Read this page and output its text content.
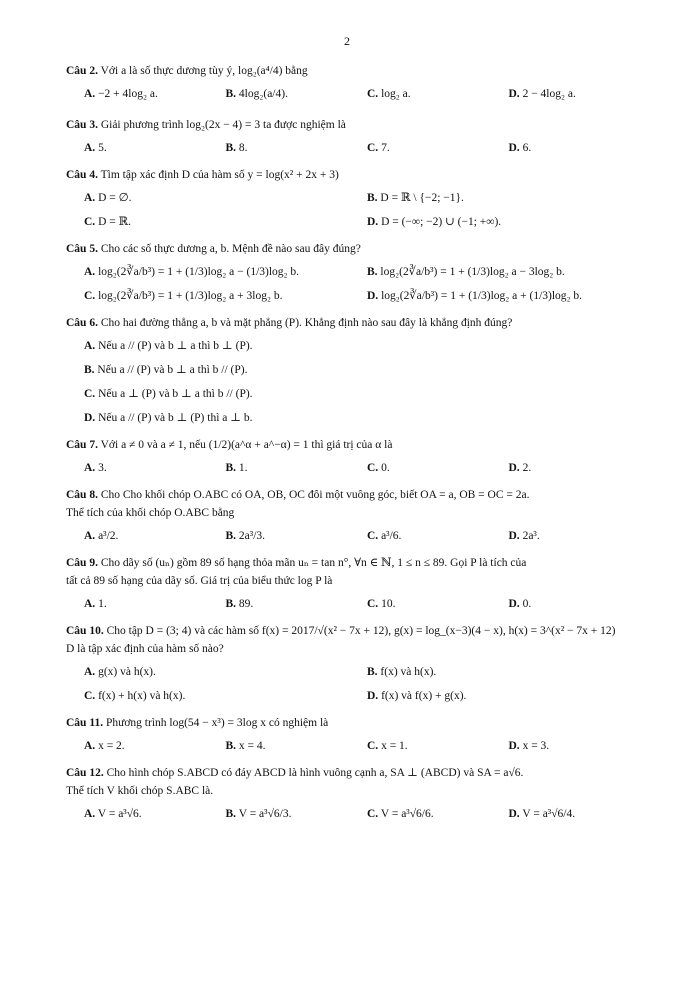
2
Câu 2. Với a là số thực dương tùy ý, log₂(a⁴/4) bằng
A. −2 + 4log₂ a.	B. 4log₂(a/4).	C. log₂ a.	D. 2 − 4log₂ a.
Câu 3. Giải phương trình log₂(2x − 4) = 3 ta được nghiệm là
A. 5.	B. 8.	C. 7.	D. 6.
Câu 4. Tìm tập xác định D của hàm số y = log(x² + 2x + 3)
A. D = ∅.	B. D = ℝ \ {−2; −1}.
C. D = ℝ.	D. D = (−∞; −2) ∪ (−1; +∞).
Câu 5. Cho các số thực dương a, b. Mệnh đề nào sau đây đúng?
A. log₂(2∛a/b³) = 1 + (1/3)log₂ a − (1/3)log₂ b.	B. log₂(2∛a/b³) = 1 + (1/3)log₂ a − 3log₂ b.
C. log₂(2∛a/b³) = 1 + (1/3)log₂ a + 3log₂ b.	D. log₂(2∛a/b³) = 1 + (1/3)log₂ a + (1/3)log₂ b.
Câu 6. Cho hai đường thẳng a, b và mặt phẳng (P). Khẳng định nào sau đây là khẳng định đúng?
A. Nếu a // (P) và b ⊥ a thì b ⊥ (P).
B. Nếu a // (P) và b ⊥ a thì b // (P).
C. Nếu a ⊥ (P) và b ⊥ a thì b // (P).
D. Nếu a // (P) và b ⊥ (P) thì a ⊥ b.
Câu 7. Với a ≠ 0 và a ≠ 1, nếu (1/2)(a^α + a^−α) = 1 thì giá trị của α là
A. 3.	B. 1.	C. 0.	D. 2.
Câu 8. Cho Cho khối chóp O.ABC có OA, OB, OC đôi một vuông góc, biết OA = a, OB = OC = 2a.
Thể tích của khối chóp O.ABC bằng
A. a³/2.	B. 2a³/3.	C. a³/6.	D. 2a³.
Câu 9. Cho dãy số (uₙ) gồm 89 số hạng thỏa mãn uₙ = tan n°, ∀n ∈ ℕ, 1 ≤ n ≤ 89. Gọi P là tích của
tất cả 89 số hạng của dãy số. Giá trị của biểu thức log P là
A. 1.	B. 89.	C. 10.	D. 0.
Câu 10. Cho tập D = (3; 4) và các hàm số f(x) = 2017/√(x² − 7x + 12), g(x) = log_(x−3)(4 − x), h(x) = 3^(x² − 7x + 12)
D là tập xác định của hàm số nào?
A. g(x) và h(x).	B. f(x) và h(x).
C. f(x) + h(x) và h(x).	D. f(x) và f(x) + g(x).
Câu 11. Phương trình log(54 − x³) = 3log x có nghiệm là
A. x = 2.	B. x = 4.	C. x = 1.	D. x = 3.
Câu 12. Cho hình chóp S.ABCD có đáy ABCD là hình vuông cạnh a, SA ⊥ (ABCD) và SA = a√6.
Thể tích V khối chóp S.ABC là.
A. V = a³√6.	B. V = a³√6/3.	C. V = a³√6/6.	D. V = a³√6/4.
